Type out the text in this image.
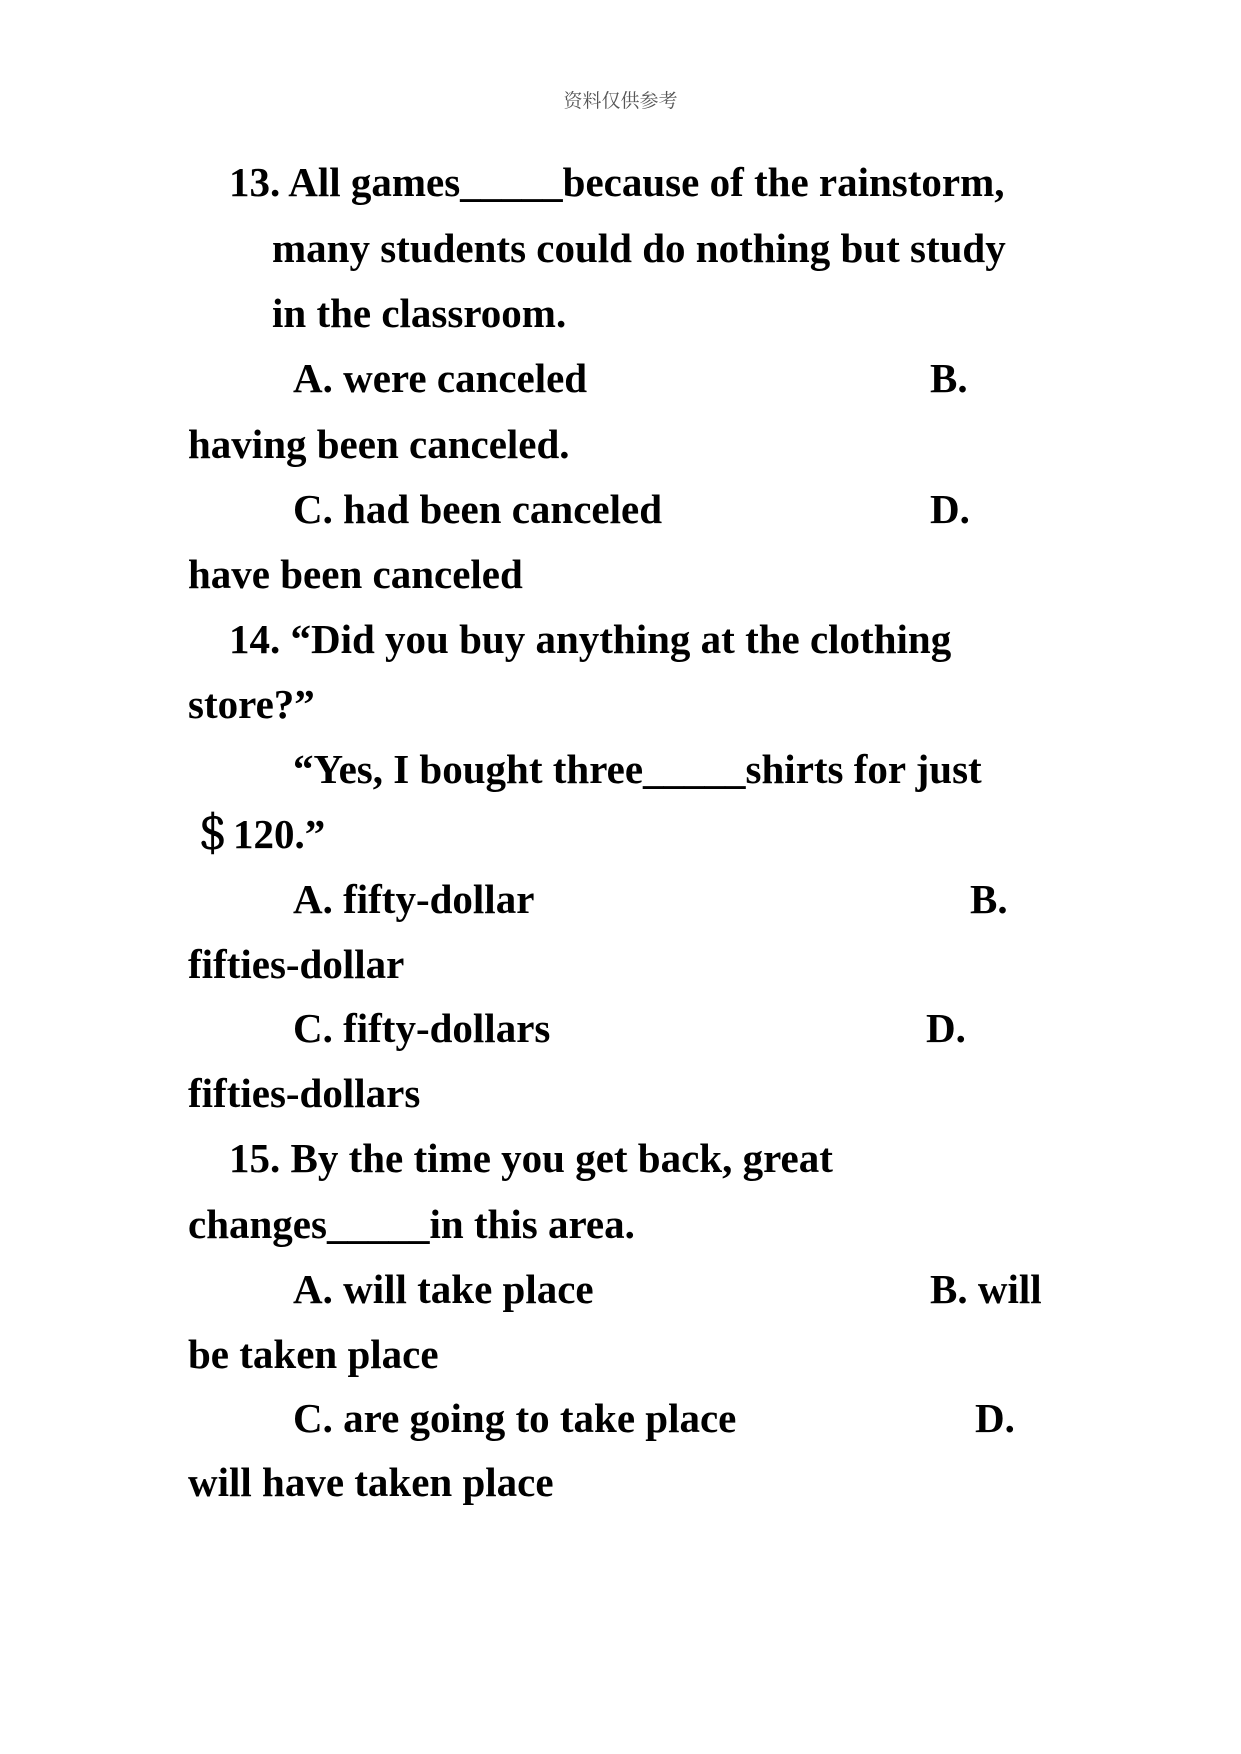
资料仅供参考
13. All games_____because of the rainstorm,
many students could do nothing but study
in the classroom.
A. were canceled	B.
having been canceled.
C. had been canceled	D.
have been canceled
14. “Did you buy anything at the clothing
store?”
“Yes, I bought three_____shirts for just
＄120.”
A. fifty-dollar	B.
fifties-dollar
C. fifty-dollars	D.
fifties-dollars
15. By the time you get back, great
changes_____in this area.
A. will take place	B. will
be taken place
C. are going to take place	D.
will have taken place
